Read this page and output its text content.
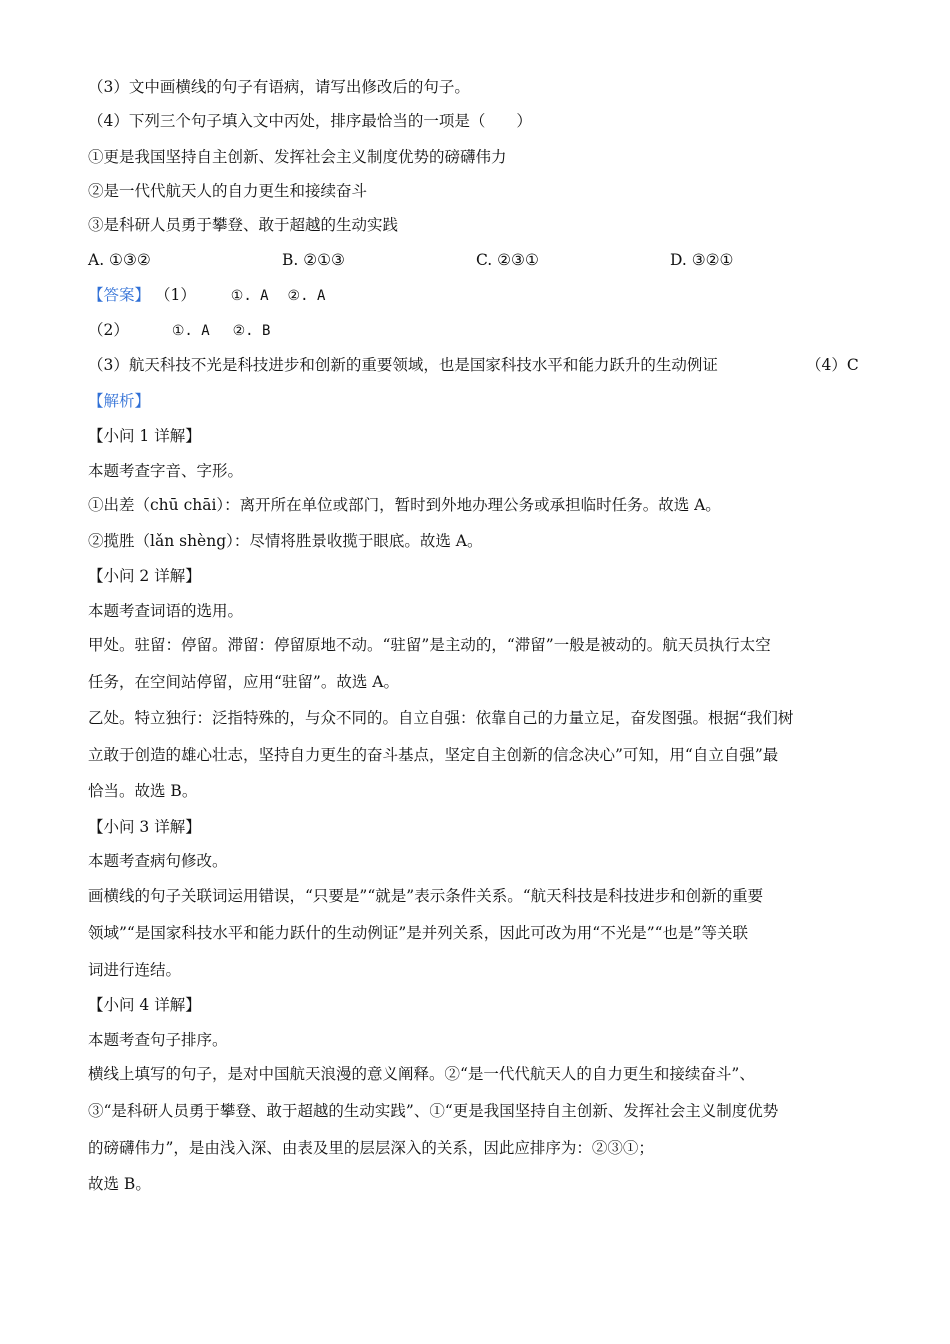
（3）文中画横线的句子有语病，请写出修改后的句子。
（4）下列三个句子填入文中丙处，排序最恰当的一项是（　　）
①更是我国坚持自主创新、发挥社会主义制度优势的磅礴伟力
②是一代代航天人的自力更生和接续奋斗
③是科研人员勇于攀登、敢于超越的生动实践
A. ①③②	B. ②①③	C. ②③①	D. ③②①
【答案】 （1） ①. A ②. A
（2）	①. A ②. B
（3）航天科技不光是科技进步和创新的重要领域，也是国家科技水平和能力跃升的生动例证	（4）C
【解析】
【小问 1 详解】
本题考查字音、字形。
①出差（chū chāi）：离开所在单位或部门，暂时到外地办理公务或承担临时任务。故选 A。
②揽胜（lǎn shèng）：尽情将胜景收揽于眼底。故选 A。
【小问 2 详解】
本题考查词语的选用。
甲处。驻留：停留。滞留：停留原地不动。“驻留”是主动的，“滞留”一般是被动的。航天员执行太空
任务，在空间站停留，应用“驻留”。故选 A。
乙处。特立独行：泛指特殊的，与众不同的。自立自强：依靠自己的力量立足，奋发图强。根据“我们树
立敢于创造的雄心壮志，坚持自力更生的奋斗基点，坚定自主创新的信念决心”可知，用“自立自强”最
恰当。故选 B。
【小问 3 详解】
本题考查病句修改。
画横线的句子关联词运用错误，“只要是”“就是”表示条件关系。“航天科技是科技进步和创新的重要
领域”“是国家科技水平和能力跃什的生动例证”是并列关系，因此可改为用“不光是”“也是”等关联
词进行连结。
【小问 4 详解】
本题考查句子排序。
横线上填写的句子，是对中国航天浪漫的意义阐释。②“是一代代航天人的自力更生和接续奋斗”、
③“是科研人员勇于攀登、敢于超越的生动实践”、①“更是我国坚持自主创新、发挥社会主义制度优势
的磅礴伟力”，是由浅入深、由表及里的层层深入的关系，因此应排序为：②③①；
故选 B。
